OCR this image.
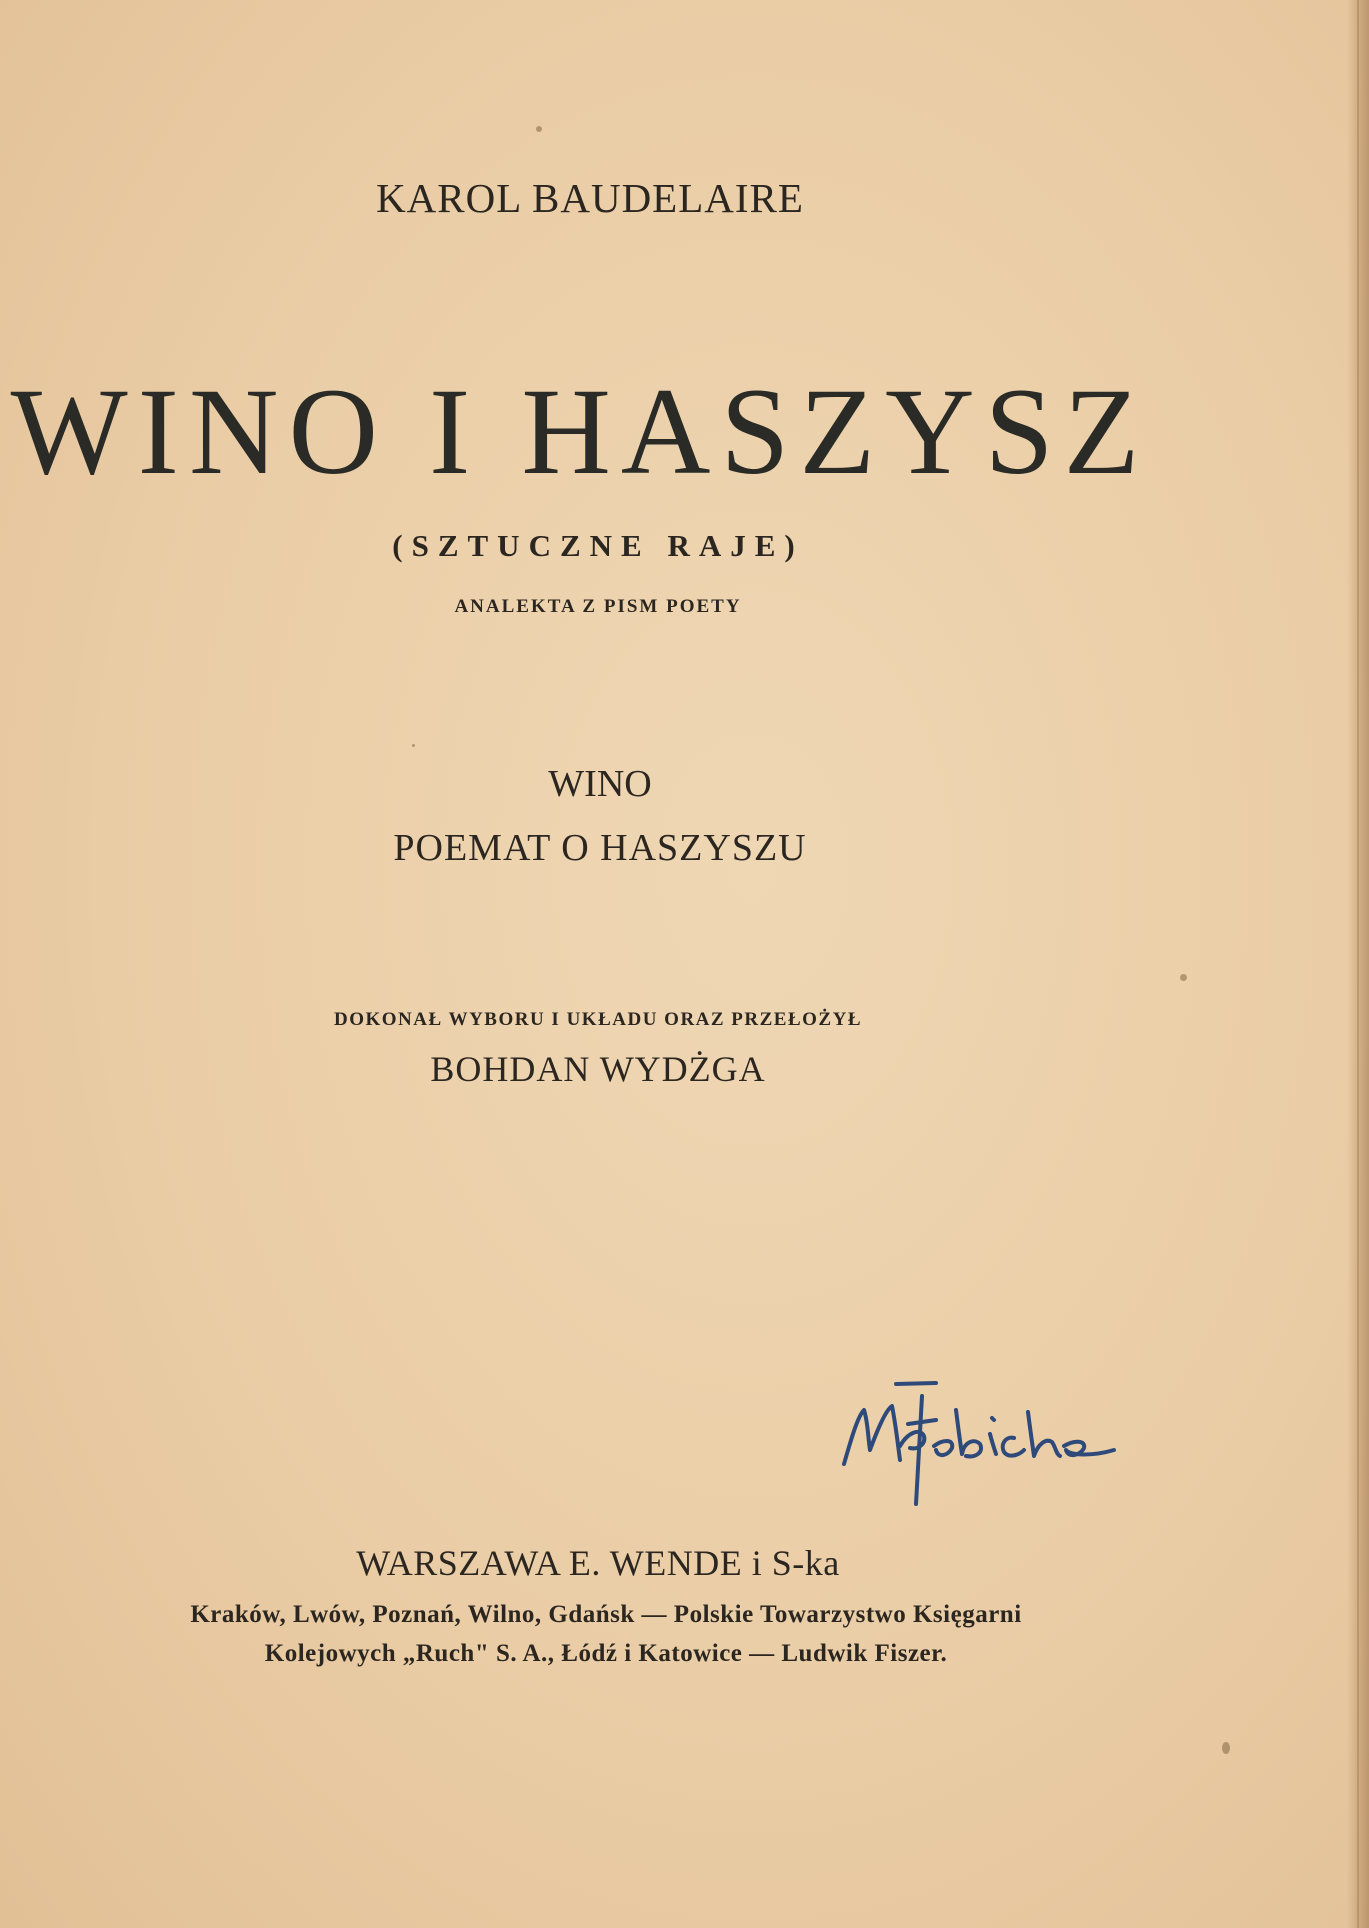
KAROL BAUDELAIRE
WINO I HASZYSZ
(SZTUCZNE RAJE)
ANALEKTA Z PISM POETY
WINO
POEMAT O HASZYSZU
DOKONAŁ WYBORU I UKŁADU ORAZ PRZEŁOŻYŁ
BOHDAN WYDŻGA
WARSZAWA E. WENDE i S-ka
Kraków, Lwów, Poznań, Wilno, Gdańsk — Polskie Towarzystwo Księgarni
Kolejowych „Ruch" S. A., Łódź i Katowice — Ludwik Fiszer.
